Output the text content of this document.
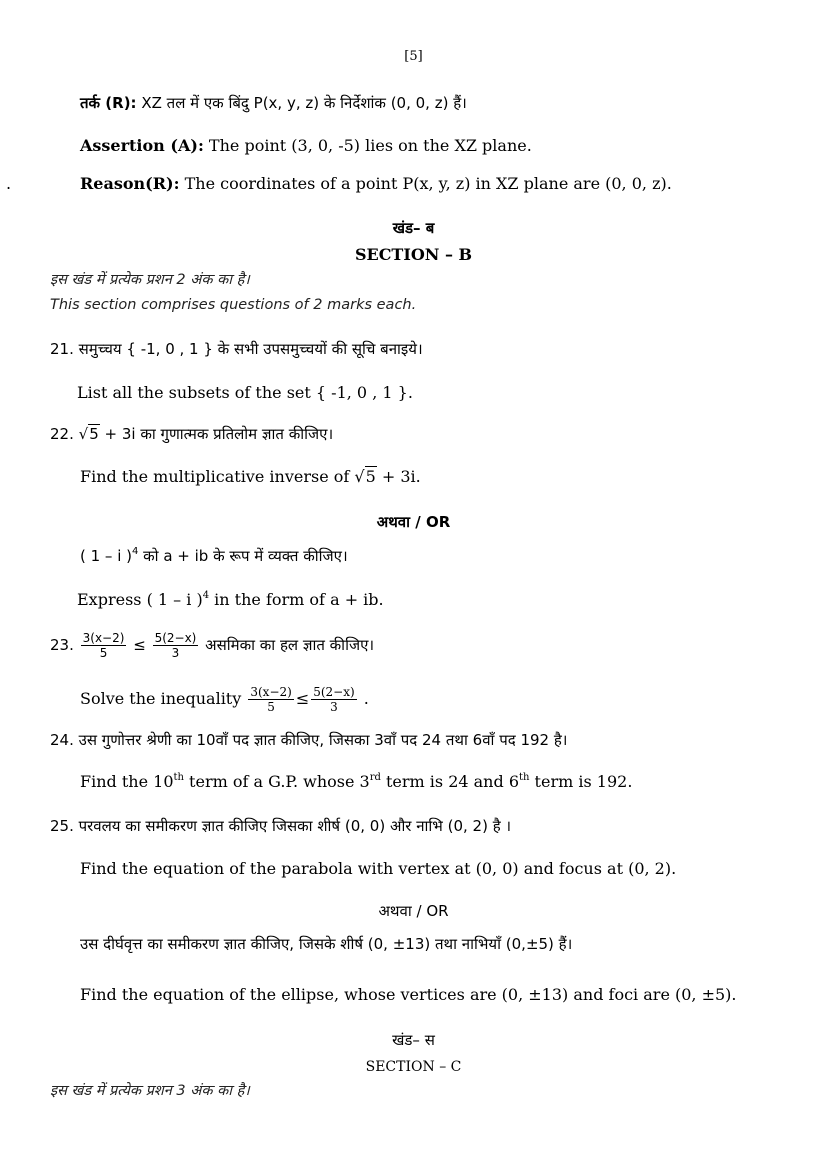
[5]
तर्क (R): XZ तल में एक बिंदु P(x, y, z) के निर्देशांक (0, 0, z) हैं।
Assertion (A): The point (3, 0, -5) lies on the XZ plane.
.	Reason(R): The coordinates of a point P(x, y, z) in XZ plane are (0, 0, z).
खंड– ब
SECTION – B
इस खंड में प्रत्येक प्रशन 2 अंक का है।
This section comprises questions of 2 marks each.
21. समुच्चय { -1, 0 , 1 } के सभी उपसमुच्चयों की सूचि बनाइये।
List all the subsets of the set { -1, 0 , 1 }.
22. √5 + 3i का गुणात्मक प्रतिलोम ज्ञात कीजिए।
Find the multiplicative inverse of √5 + 3i.
अथवा / OR
( 1 – i )$^4$ को a + ib के रूप में व्यक्त कीजिए।
Express ( 1 – i )$^4$ in the form of a + ib.
23. $\frac{3(x-2)}{5} \le \frac{5(2-x)}{3}$ असमिका का हल ज्ञात कीजिए।
Solve the inequality $\frac{3(x-2)}{5} \le \frac{5(2-x)}{3}$ .
24. उस गुणोत्तर श्रेणी का 10वाँ पद ज्ञात कीजिए, जिसका 3वाँ पद 24 तथा 6वाँ पद 192 है।
Find the 10th term of a G.P. whose 3rd term is 24 and 6th term is 192.
25. परवलय का समीकरण ज्ञात कीजिए जिसका शीर्ष (0, 0) और नाभि (0, 2) है ।
Find the equation of the parabola with vertex at (0, 0) and focus at (0, 2).
अथवा / OR
उस दीर्घवृत्त का समीकरण ज्ञात कीजिए, जिसके शीर्ष (0, ±13) तथा नाभियाँ (0,±5) हैं।
Find the equation of the ellipse, whose vertices are (0, ±13) and foci are (0, ±5).
खंड– स
SECTION – C
इस खंड में प्रत्येक प्रशन 3 अंक का है।
